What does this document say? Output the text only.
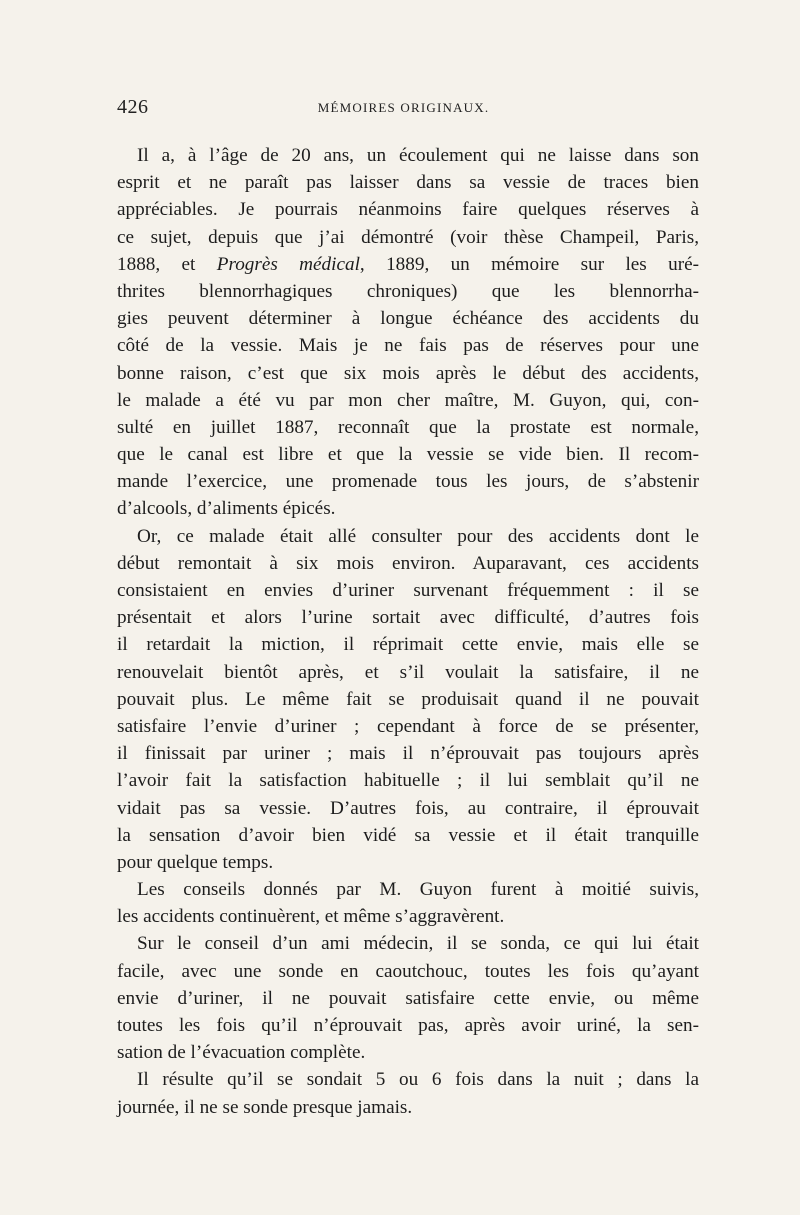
426	MÉMOIRES ORIGINAUX.
Il a, à l’âge de 20 ans, un écoulement qui ne laisse dans son
esprit et ne paraît pas laisser dans sa vessie de traces bien
appréciables. Je pourrais néanmoins faire quelques réserves à
ce sujet, depuis que j’ai démontré (voir thèse Champeil, Paris,
1888, et Progrès médical, 1889, un mémoire sur les uré-
thrites blennorrhagiques chroniques) que les blennorrha-
gies peuvent déterminer à longue échéance des accidents du
côté de la vessie. Mais je ne fais pas de réserves pour une
bonne raison, c’est que six mois après le début des accidents,
le malade a été vu par mon cher maître, M. Guyon, qui, con-
sulté en juillet 1887, reconnaît que la prostate est normale,
que le canal est libre et que la vessie se vide bien. Il recom-
mande l’exercice, une promenade tous les jours, de s’abstenir
d’alcools, d’aliments épicés.
Or, ce malade était allé consulter pour des accidents dont le
début remontait à six mois environ. Auparavant, ces accidents
consistaient en envies d’uriner survenant fréquemment : il se
présentait et alors l’urine sortait avec difficulté, d’autres fois
il retardait la miction, il réprimait cette envie, mais elle se
renouvelait bientôt après, et s’il voulait la satisfaire, il ne
pouvait plus. Le même fait se produisait quand il ne pouvait
satisfaire l’envie d’uriner ; cependant à force de se présenter,
il finissait par uriner ; mais il n’éprouvait pas toujours après
l’avoir fait la satisfaction habituelle ; il lui semblait qu’il ne
vidait pas sa vessie. D’autres fois, au contraire, il éprouvait
la sensation d’avoir bien vidé sa vessie et il était tranquille
pour quelque temps.
Les conseils donnés par M. Guyon furent à moitié suivis,
les accidents continuèrent, et même s’aggravèrent.
Sur le conseil d’un ami médecin, il se sonda, ce qui lui était
facile, avec une sonde en caoutchouc, toutes les fois qu’ayant
envie d’uriner, il ne pouvait satisfaire cette envie, ou même
toutes les fois qu’il n’éprouvait pas, après avoir uriné, la sen-
sation de l’évacuation complète.
Il résulte qu’il se sondait 5 ou 6 fois dans la nuit ; dans la
journée, il ne se sonde presque jamais.
